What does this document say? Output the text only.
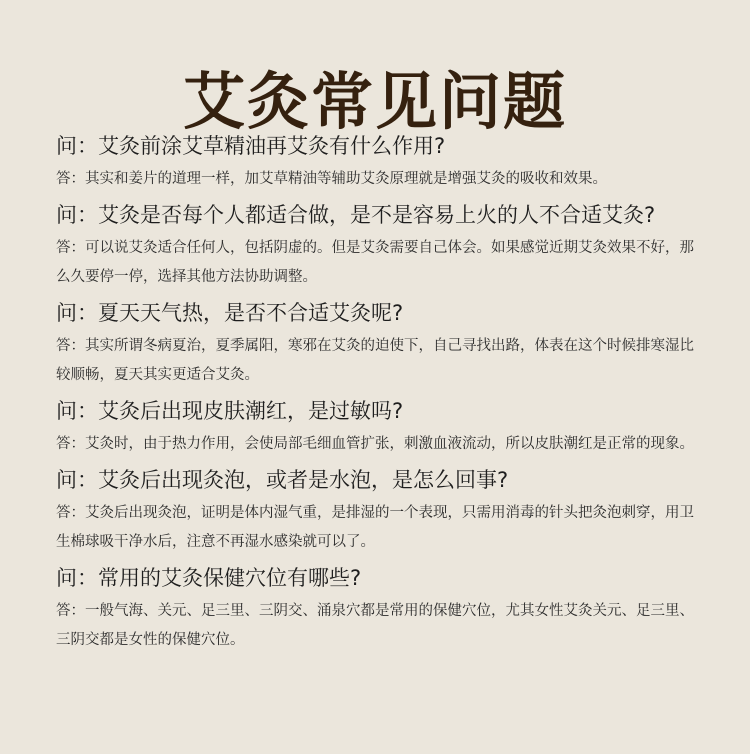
艾灸常见问题
问：艾灸前涂艾草精油再艾灸有什么作用?
答：其实和姜片的道理一样，加艾草精油等辅助艾灸原理就是增强艾灸的吸收和效果。
问：艾灸是否每个人都适合做，是不是容易上火的人不合适艾灸?
答：可以说艾灸适合任何人，包括阴虚的。但是艾灸需要自己体会。如果感觉近期艾灸效果不好，那么久要停一停，选择其他方法协助调整。
问：夏天天气热，是否不合适艾灸呢?
答：其实所谓冬病夏治，夏季属阳，寒邪在艾灸的迫使下，自己寻找出路，体表在这个时候排寒湿比较顺畅，夏天其实更适合艾灸。
问：艾灸后出现皮肤潮红，是过敏吗?
答：艾灸时，由于热力作用，会使局部毛细血管扩张，刺激血液流动，所以皮肤潮红是正常的现象。
问：艾灸后出现灸泡，或者是水泡，是怎么回事?
答：艾灸后出现灸泡，证明是体内湿气重，是排湿的一个表现，只需用消毒的针头把灸泡刺穿，用卫生棉球吸干净水后，注意不再湿水感染就可以了。
问：常用的艾灸保健穴位有哪些?
答：一般气海、关元、足三里、三阴交、涌泉穴都是常用的保健穴位，尤其女性艾灸关元、足三里、三阴交都是女性的保健穴位。
